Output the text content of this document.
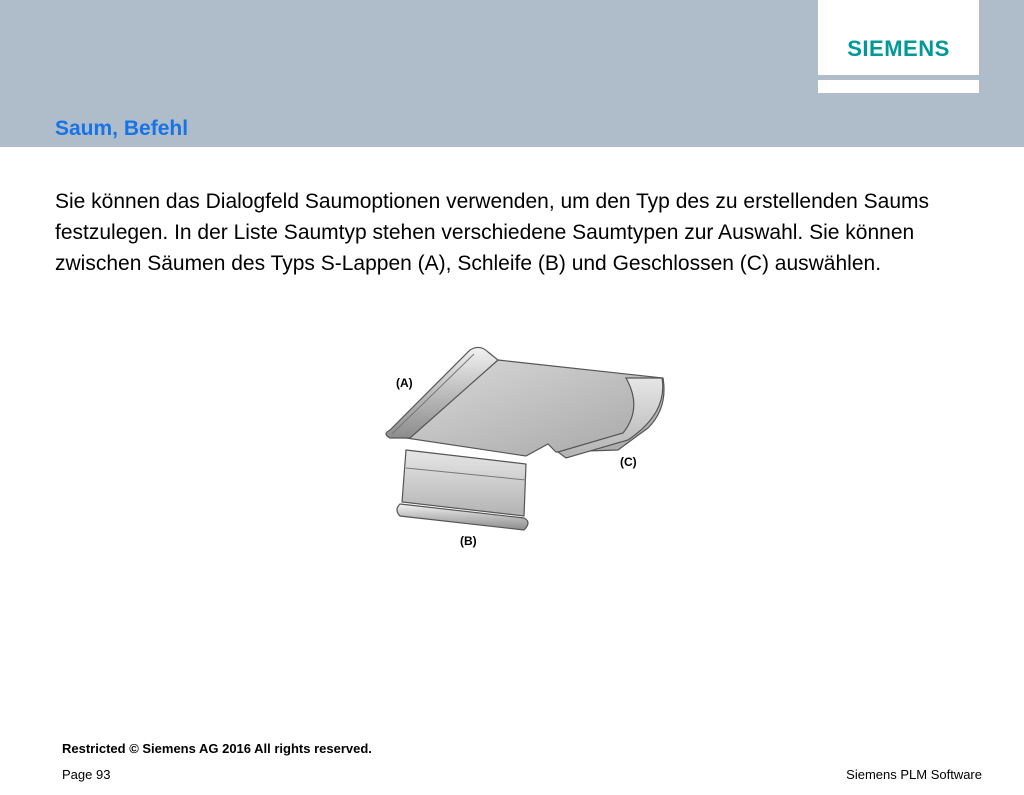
SIEMENS
Saum, Befehl
Sie können das Dialogfeld Saumoptionen verwenden, um den Typ des zu erstellenden Saums festzulegen. In der Liste Saumtyp stehen verschiedene Saumtypen zur Auswahl. Sie können zwischen Säumen des Typs S-Lappen (A), Schleife (B) und Geschlossen (C) auswählen.
(A)
(B)
(C)
Restricted © Siemens AG 2016 All rights reserved.
Page 93	Siemens PLM Software
